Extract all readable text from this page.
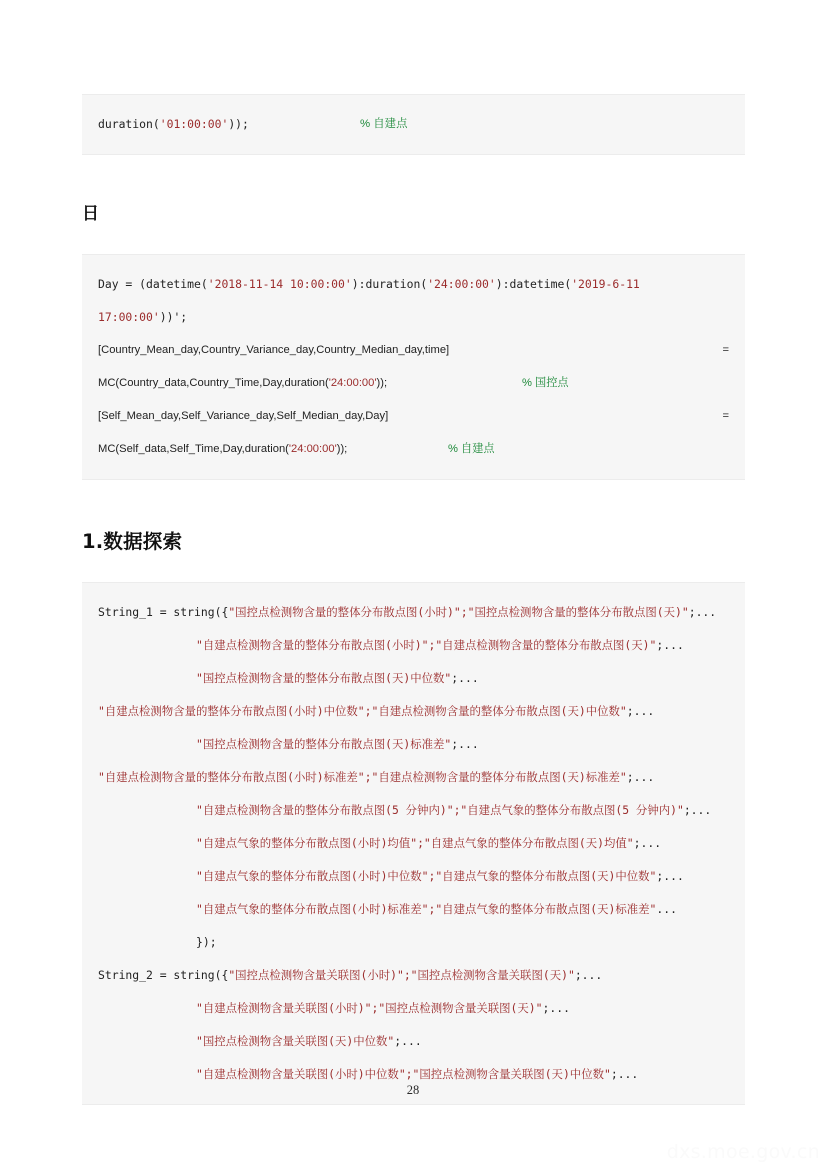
duration('01:00:00'));	% 自建点
日
Day = (datetime('2018-11-14 10:00:00'):duration('24:00:00'):datetime('2019-6-11 17:00:00'))';
[Country_Mean_day,Country_Variance_day,Country_Median_day,time]	=
MC(Country_data,Country_Time,Day,duration('24:00:00'));	% 国控点
[Self_Mean_day,Self_Variance_day,Self_Median_day,Day]	=
MC(Self_data,Self_Time,Day,duration('24:00:00'));	% 自建点
1.数据探索
String_1 = string({"国控点检测物含量的整体分布散点图(小时)";"国控点检测物含量的整体分布散点图(天)";...
"自建点检测物含量的整体分布散点图(小时)";"自建点检测物含量的整体分布散点图(天)";...
"国控点检测物含量的整体分布散点图(天)中位数";...
"自建点检测物含量的整体分布散点图(小时)中位数";"自建点检测物含量的整体分布散点图(天)中位数";...
"国控点检测物含量的整体分布散点图(天)标准差";...
"自建点检测物含量的整体分布散点图(小时)标准差";"自建点检测物含量的整体分布散点图(天)标准差";...
"自建点检测物含量的整体分布散点图(5 分钟内)";"自建点气象的整体分布散点图(5 分钟内)";...
"自建点气象的整体分布散点图(小时)均值";"自建点气象的整体分布散点图(天)均值";...
"自建点气象的整体分布散点图(小时)中位数";"自建点气象的整体分布散点图(天)中位数";...
"自建点气象的整体分布散点图(小时)标准差";"自建点气象的整体分布散点图(天)标准差"...
});
String_2 = string({"国控点检测物含量关联图(小时)";"国控点检测物含量关联图(天)";...
"自建点检测物含量关联图(小时)";"国控点检测物含量关联图(天)";...
"国控点检测物含量关联图(天)中位数";...
"自建点检测物含量关联图(小时)中位数";"国控点检测物含量关联图(天)中位数";...
28
dxs.moe.gov.cn
